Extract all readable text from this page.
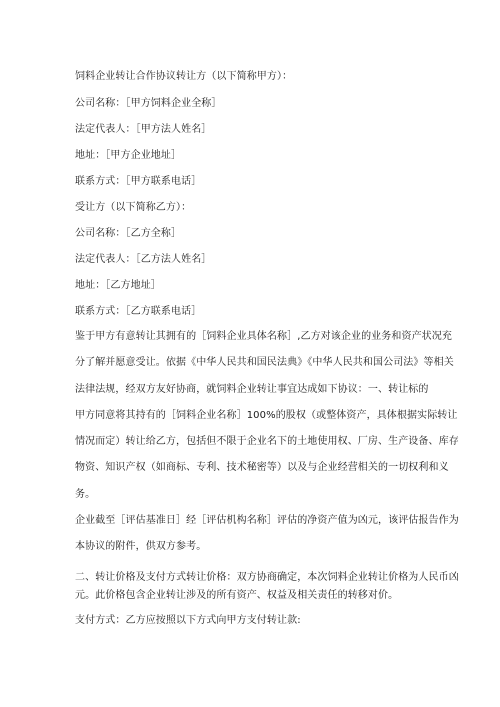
饲料企业转让合作协议转让方（以下简称甲方）：
公司名称：［甲方饲料企业全称］
法定代表人：［甲方法人姓名］
地址：［甲方企业地址］
联系方式：［甲方联系电话］
受让方（以下简称乙方）：
公司名称：［乙方全称］
法定代表人：［乙方法人姓名］
地址：［乙方地址］
联系方式：［乙方联系电话］
鉴于甲方有意转让其拥有的［饲料企业具体名称］,乙方对该企业的业务和资产状况充
分了解并愿意受让。依据《中华人民共和国民法典》《中华人民共和国公司法》等相关
法律法规，经双方友好协商，就饲料企业转让事宜达成如下协议：一、转让标的
甲方同意将其持有的［饲料企业名称］100%的股权（或整体资产，具体根据实际转让
情况而定）转让给乙方，包括但不限于企业名下的土地使用权、厂房、生产设备、库存
物资、知识产权（如商标、专利、技术秘密等）以及与企业经营相关的一切权利和义
务。
企业截至［评估基准日］经［评估机构名称］评估的净资产值为凶元，该评估报告作为
本协议的附件，供双方参考。
二、转让价格及支付方式转让价格：双方协商确定，本次饲料企业转让价格为人民币凶
元。此价格包含企业转让涉及的所有资产、权益及相关责任的转移对价。
支付方式：乙方应按照以下方式向甲方支付转让款:
